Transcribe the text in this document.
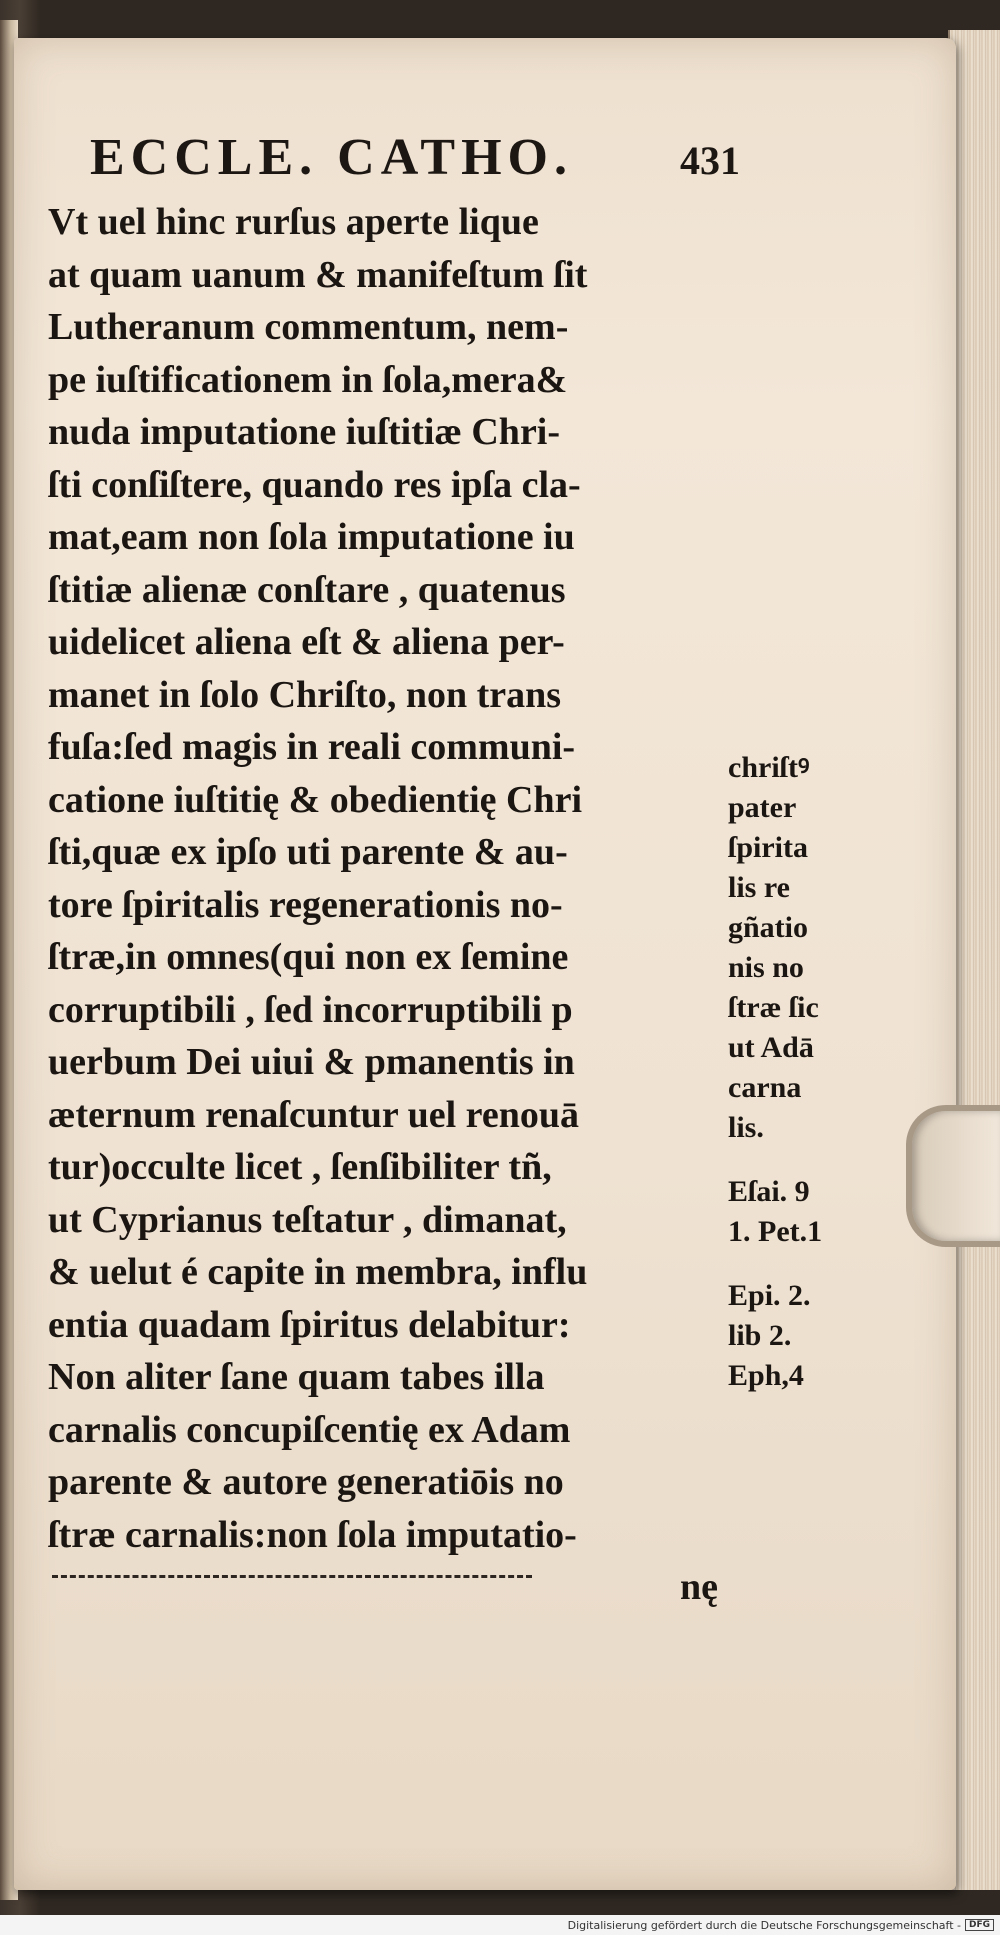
ECCLE. CATHO.	431
Vt uel hinc rurſus aperte lique
at quam uanum & manifeſtum ſit
Lutheranum commentum, nem-
pe iuſtificationem in ſola,mera&
nuda imputatione iuſtitiæ Chri-
ſti conſiſtere, quando res ipſa cla-
mat,eam non ſola imputatione iu
ſtitiæ alienæ conſtare , quatenus
uidelicet aliena eſt & aliena per-
manet in ſolo Chriſto, non trans
fuſa:ſed magis in reali communi-
catione iuſtitię & obedientię Chri
ſti,quæ ex ipſo uti parente & au-
tore ſpiritalis regenerationis no-
ſtræ,in omnes(qui non ex ſemine
corruptibili , ſed incorruptibili p
uerbum Dei uiui & pmanentis in
æternum renaſcuntur uel renouā
tur)occulte licet , ſenſibiliter tñ,
ut Cyprianus teſtatur , dimanat,
& uelut é capite in membra, influ
entia quadam ſpiritus delabitur:
Non aliter ſane quam tabes illa
carnalis concupiſcentię ex Adam
parente & autore generatiōis no
ſtræ carnalis:non ſola imputatio-
nę
chriſtꝰ
pater
ſpirita
lis re
gñatio
nis no
ſtræ ſic
ut Adā
carna
lis.
Eſai. 9
1. Pet.1
Epi. 2.
lib 2.
Eph,4
Digitalisierung gefördert durch die Deutsche Forschungsgemeinschaft - DFG
